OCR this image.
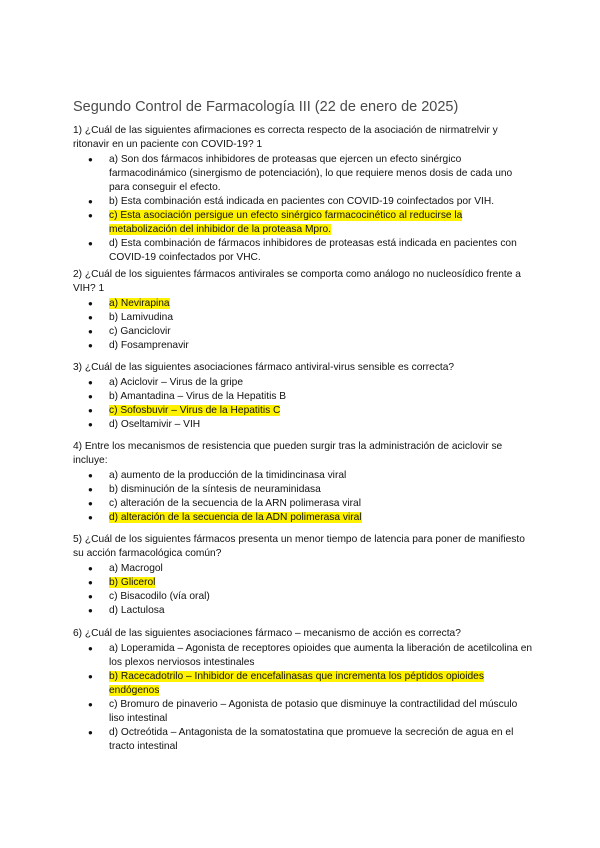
Segundo Control de Farmacología III (22 de enero de 2025)
1) ¿Cuál de las siguientes afirmaciones es correcta respecto de la asociación de nirmatrelvir y ritonavir en un paciente con COVID-19? 1
● a) Son dos fármacos inhibidores de proteasas que ejercen un efecto sinérgico farmacodinámico (sinergismo de potenciación), lo que requiere menos dosis de cada uno para conseguir el efecto.
● b) Esta combinación está indicada en pacientes con COVID-19 coinfectados por VIH.
● c) Esta asociación persigue un efecto sinérgico farmacocinético al reducirse la metabolización del inhibidor de la proteasa Mpro.
● d) Esta combinación de fármacos inhibidores de proteasas está indicada en pacientes con COVID-19 coinfectados por VHC.
2) ¿Cuál de los siguientes fármacos antivirales se comporta como análogo no nucleosídico frente a VIH? 1
● a) Nevirapina
● b) Lamivudina
● c) Ganciclovir
● d) Fosamprenavir
3) ¿Cuál de las siguientes asociaciones fármaco antiviral-virus sensible es correcta?
● a) Aciclovir – Virus de la gripe
● b) Amantadina – Virus de la Hepatitis B
● c) Sofosbuvir – Virus de la Hepatitis C
● d) Oseltamivir – VIH
4) Entre los mecanismos de resistencia que pueden surgir tras la administración de aciclovir se incluye:
● a) aumento de la producción de la timidincinasa viral
● b) disminución de la síntesis de neuraminidasa
● c) alteración de la secuencia de la ARN polimerasa viral
● d) alteración de la secuencia de la ADN polimerasa viral
5) ¿Cuál de los siguientes fármacos presenta un menor tiempo de latencia para poner de manifiesto su acción farmacológica común?
● a) Macrogol
● b) Glicerol
● c) Bisacodilo (vía oral)
● d) Lactulosa
6) ¿Cuál de las siguientes asociaciones fármaco – mecanismo de acción es correcta?
● a) Loperamida – Agonista de receptores opioides que aumenta la liberación de acetilcolina en los plexos nerviosos intestinales
● b) Racecadotrilo – Inhibidor de encefalinasas que incrementa los péptidos opioides endógenos
● c) Bromuro de pinaverio – Agonista de potasio que disminuye la contractilidad del músculo liso intestinal
● d) Octreótida – Antagonista de la somatostatina que promueve la secreción de agua en el tracto intestinal
